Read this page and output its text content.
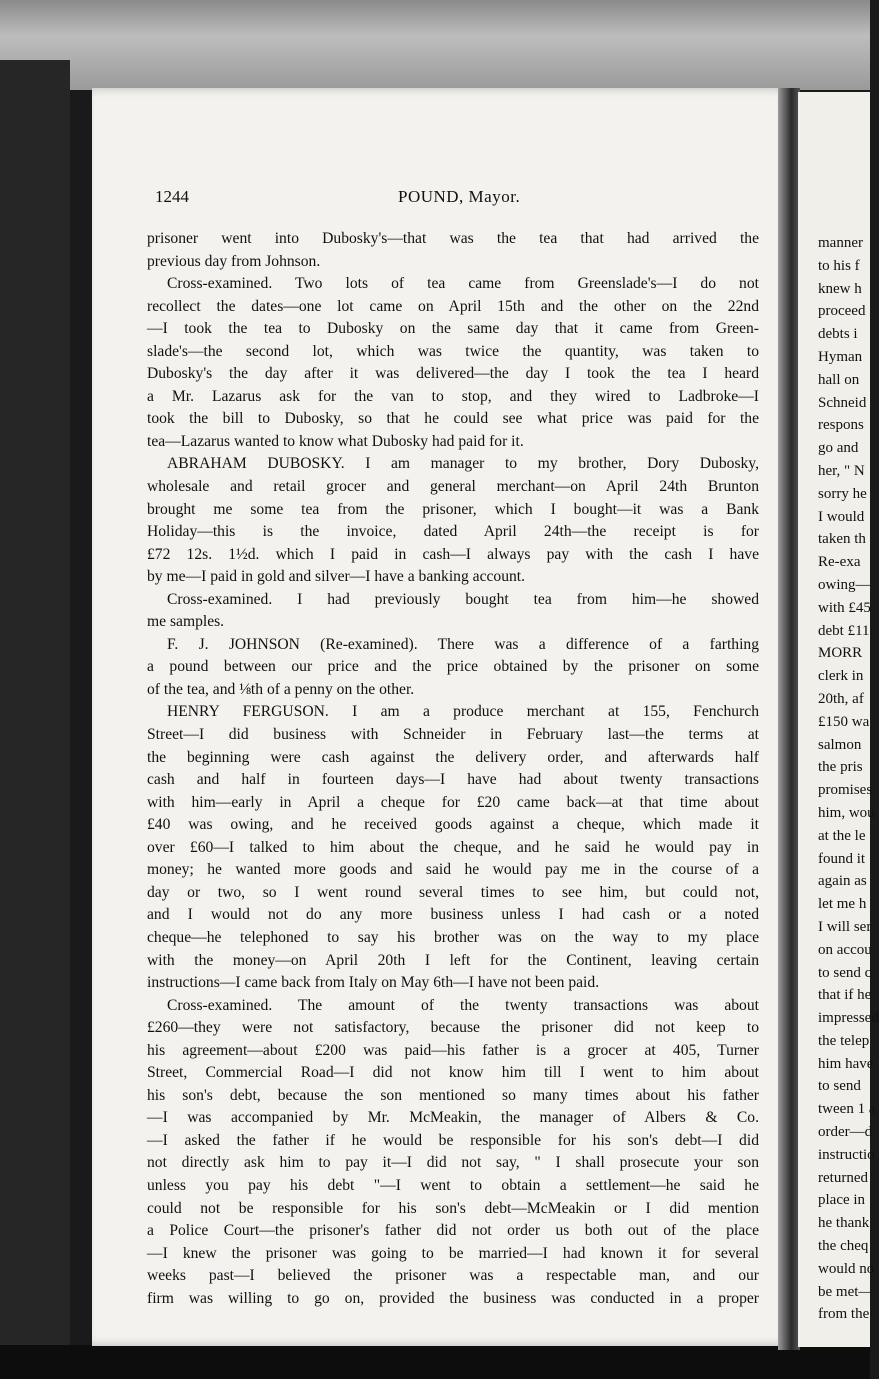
manner
to his f
knew h
proceed
debts i
Hyman
hall on
Schneid
respons
go and
her, " N
sorry he
I would
taken th
Re-exa
owing—
with £45
debt £11
MORR
clerk in
20th, af
£150 wa
salmon
the pris
promises
him, wou
at the le
found it
again as
let me h
I will ser
on accou
to send c
that if he
impressed
the telep
him have
to send
tween 1 a
order—d
instructio
returned
place in
he thank
the cheq
would no
be met—
from the
1244	POUND, Mayor.
prisoner went into Dubosky's—that was the tea that had arrived the
previous day from Johnson.
Cross-examined. Two lots of tea came from Greenslade's—I do not
recollect the dates—one lot came on April 15th and the other on the 22nd
—I took the tea to Dubosky on the same day that it came from Green-
slade's—the second lot, which was twice the quantity, was taken to
Dubosky's the day after it was delivered—the day I took the tea I heard
a Mr. Lazarus ask for the van to stop, and they wired to Ladbroke—I
took the bill to Dubosky, so that he could see what price was paid for the
tea—Lazarus wanted to know what Dubosky had paid for it.
ABRAHAM DUBOSKY. I am manager to my brother, Dory Dubosky,
wholesale and retail grocer and general merchant—on April 24th Brunton
brought me some tea from the prisoner, which I bought—it was a Bank
Holiday—this is the invoice, dated April 24th—the receipt is for
£72 12s. 1½d. which I paid in cash—I always pay with the cash I have
by me—I paid in gold and silver—I have a banking account.
Cross-examined. I had previously bought tea from him—he showed
me samples.
F. J. JOHNSON (Re-examined). There was a difference of a farthing
a pound between our price and the price obtained by the prisoner on some
of the tea, and ⅛th of a penny on the other.
HENRY FERGUSON. I am a produce merchant at 155, Fenchurch
Street—I did business with Schneider in February last—the terms at
the beginning were cash against the delivery order, and afterwards half
cash and half in fourteen days—I have had about twenty transactions
with him—early in April a cheque for £20 came back—at that time about
£40 was owing, and he received goods against a cheque, which made it
over £60—I talked to him about the cheque, and he said he would pay in
money; he wanted more goods and said he would pay me in the course of a
day or two, so I went round several times to see him, but could not,
and I would not do any more business unless I had cash or a noted
cheque—he telephoned to say his brother was on the way to my place
with the money—on April 20th I left for the Continent, leaving certain
instructions—I came back from Italy on May 6th—I have not been paid.
Cross-examined. The amount of the twenty transactions was about
£260—they were not satisfactory, because the prisoner did not keep to
his agreement—about £200 was paid—his father is a grocer at 405, Turner
Street, Commercial Road—I did not know him till I went to him about
his son's debt, because the son mentioned so many times about his father
—I was accompanied by Mr. McMeakin, the manager of Albers & Co.
—I asked the father if he would be responsible for his son's debt—I did
not directly ask him to pay it—I did not say, " I shall prosecute your son
unless you pay his debt "—I went to obtain a settlement—he said he
could not be responsible for his son's debt—McMeakin or I did mention
a Police Court—the prisoner's father did not order us both out of the place
—I knew the prisoner was going to be married—I had known it for several
weeks past—I believed the prisoner was a respectable man, and our
firm was willing to go on, provided the business was conducted in a proper
